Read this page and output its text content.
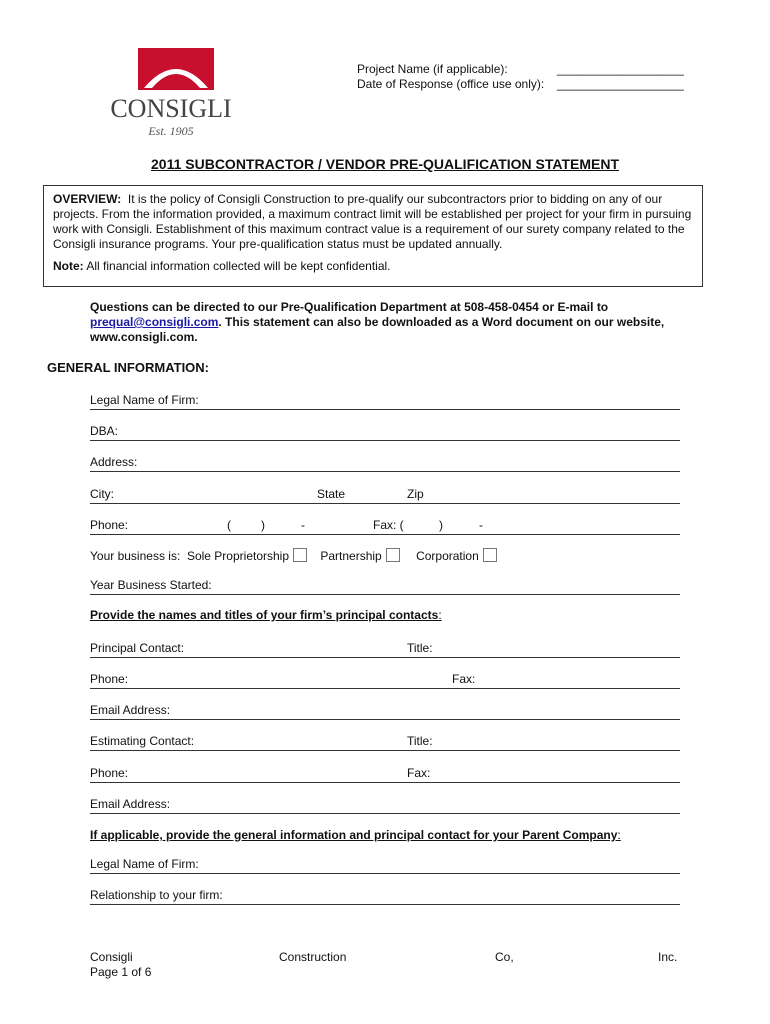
CONSIGLI
Est. 1905
Project Name (if applicable):	___________________
Date of Response (office use only): ___________________
2011 SUBCONTRACTOR / VENDOR PRE-QUALIFICATION STATEMENT
OVERVIEW: It is the policy of Consigli Construction to pre-qualify our subcontractors prior to bidding on any of our projects. From the information provided, a maximum contract limit will be established per project for your firm in pursuing work with Consigli. Establishment of this maximum contract value is a requirement of our surety company related to the Consigli insurance programs. Your pre-qualification status must be updated annually.
Note: All financial information collected will be kept confidential.
Questions can be directed to our Pre-Qualification Department at 508-458-0454 or E-mail to prequal@consigli.com. This statement can also be downloaded as a Word document on our website, www.consigli.com.
GENERAL INFORMATION:
Legal Name of Firm:
DBA:
Address:
City:	State	Zip
Phone:	(	)	-	Fax: (	)	-
Your business is: Sole Proprietorship	Partnership	Corporation
Year Business Started:
Provide the names and titles of your firm’s principal contacts:
Principal Contact:	Title:
Phone:	Fax:
Email Address:
Estimating Contact:	Title:
Phone:	Fax:
Email Address:
If applicable, provide the general information and principal contact for your Parent Company:
Legal Name of Firm:
Relationship to your firm:
Consigli	Construction	Co,	Inc.
Page 1 of 6
